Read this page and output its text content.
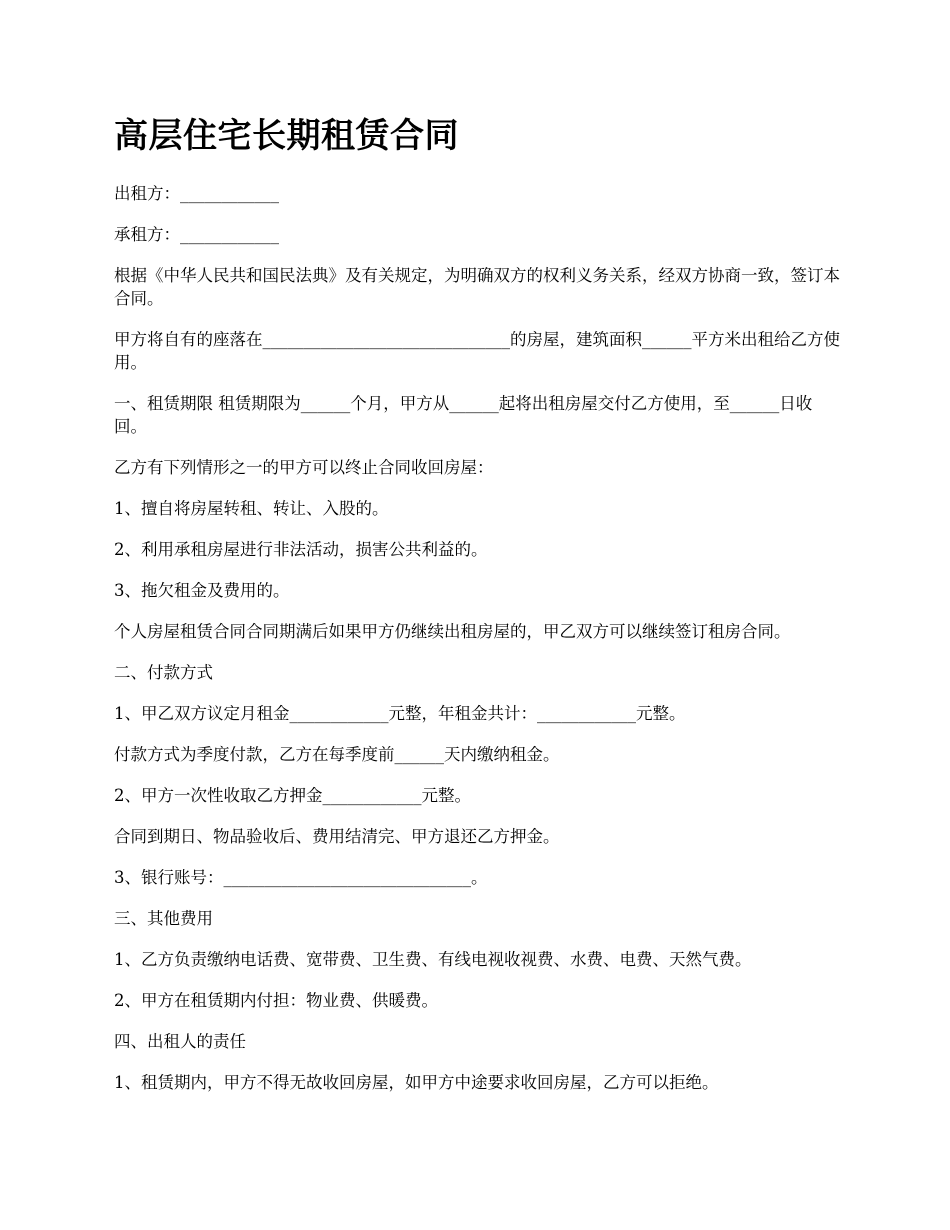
高层住宅长期租赁合同

出租方：____________

承租方：____________

根据《中华人民共和国民法典》及有关规定，为明确双方的权利义务关系，经双方协商一致，签订本合同。

甲方将自有的座落在______________________________的房屋，建筑面积______平方米出租给乙方使用。

一、租赁期限 租赁期限为______个月，甲方从______起将出租房屋交付乙方使用，至______日收回。

乙方有下列情形之一的甲方可以终止合同收回房屋：

1、擅自将房屋转租、转让、入股的。

2、利用承租房屋进行非法活动，损害公共利益的。

3、拖欠租金及费用的。

个人房屋租赁合同合同期满后如果甲方仍继续出租房屋的，甲乙双方可以继续签订租房合同。

二、付款方式

1、甲乙双方议定月租金____________元整，年租金共计：____________元整。

付款方式为季度付款，乙方在每季度前______天内缴纳租金。

2、甲方一次性收取乙方押金____________元整。

合同到期日、物品验收后、费用结清完、甲方退还乙方押金。

3、银行账号：______________________________。

三、其他费用

1、乙方负责缴纳电话费、宽带费、卫生费、有线电视收视费、水费、电费、天然气费。

2、甲方在租赁期内付担：物业费、供暖费。

四、出租人的责任

1、租赁期内，甲方不得无故收回房屋，如甲方中途要求收回房屋，乙方可以拒绝。
